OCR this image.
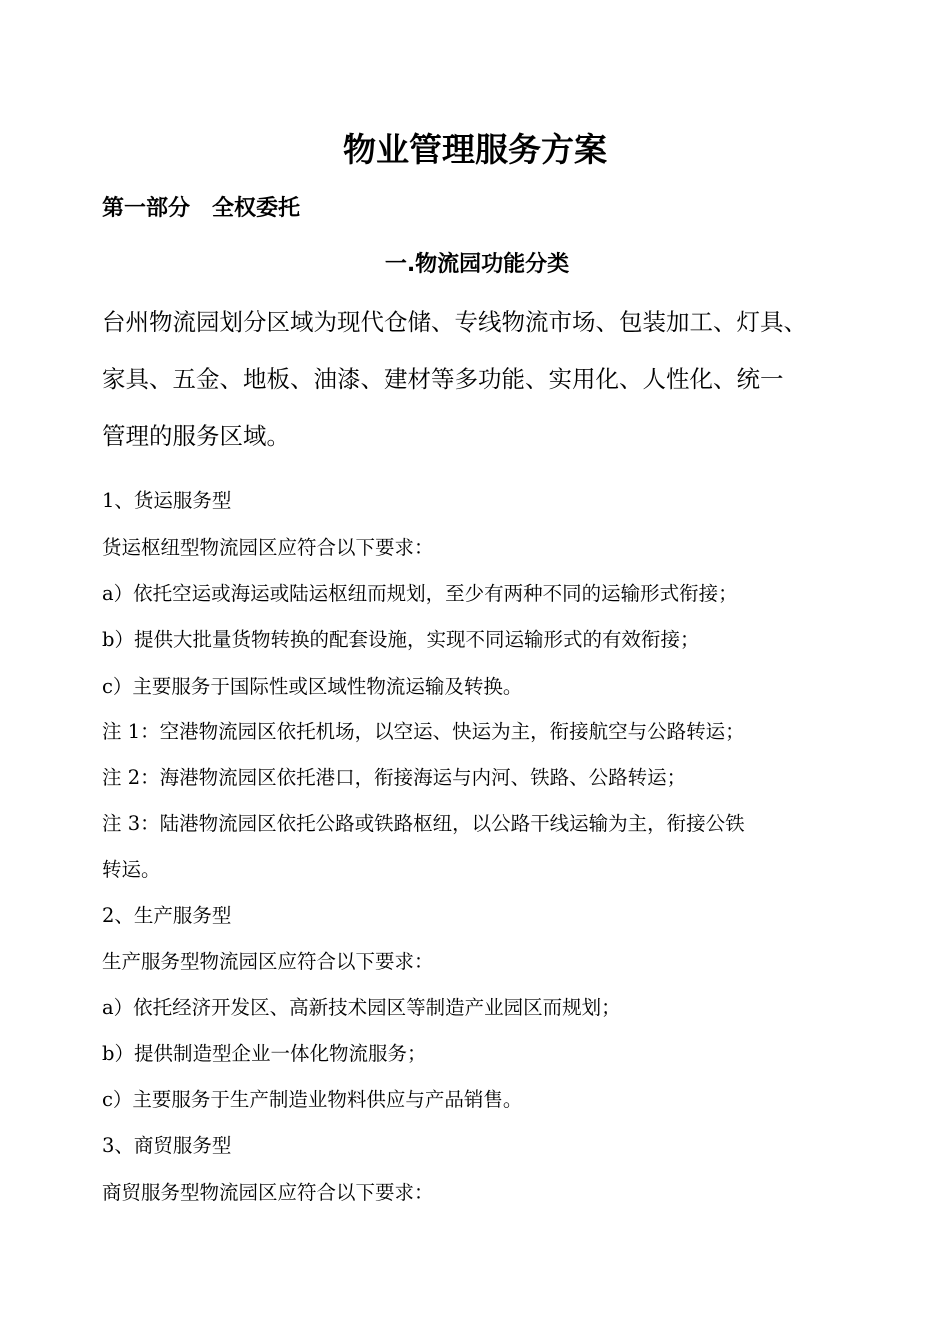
物业管理服务方案
第一部分　全权委托
一.物流园功能分类
台州物流园划分区域为现代仓储、专线物流市场、包装加工、灯具、
家具、五金、地板、油漆、建材等多功能、实用化、人性化、统一
管理的服务区域。
1、货运服务型
货运枢纽型物流园区应符合以下要求：
a）依托空运或海运或陆运枢纽而规划，至少有两种不同的运输形式衔接；
b）提供大批量货物转换的配套设施，实现不同运输形式的有效衔接；
c）主要服务于国际性或区域性物流运输及转换。
注 1：空港物流园区依托机场，以空运、快运为主，衔接航空与公路转运；
注 2：海港物流园区依托港口，衔接海运与内河、铁路、公路转运；
注 3：陆港物流园区依托公路或铁路枢纽，以公路干线运输为主，衔接公铁
转运。
2、生产服务型
生产服务型物流园区应符合以下要求：
a）依托经济开发区、高新技术园区等制造产业园区而规划；
b）提供制造型企业一体化物流服务；
c）主要服务于生产制造业物料供应与产品销售。
3、商贸服务型
商贸服务型物流园区应符合以下要求：
